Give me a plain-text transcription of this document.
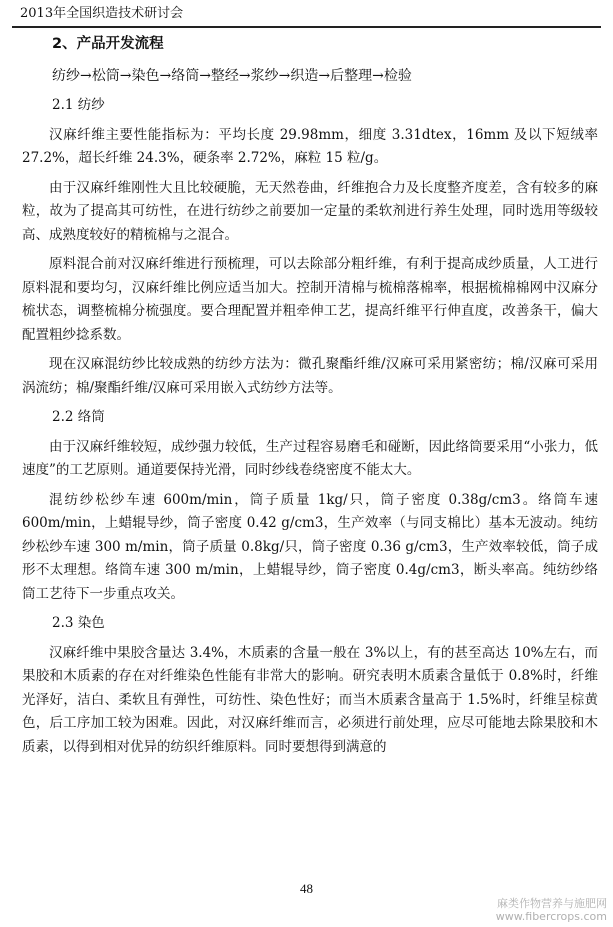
2013年全国织造技术研讨会
2、产品开发流程
纺纱→松筒→染色→络筒→整经→浆纱→织造→后整理→检验
2.1 纺纱

汉麻纤维主要性能指标为：平均长度 29.98mm，细度 3.31dtex，16mm 及以下短绒率 27.2%，超长纤维 24.3%，硬条率 2.72%，麻粒 15 粒/g。

由于汉麻纤维刚性大且比较硬脆，无天然卷曲，纤维抱合力及长度整齐度差，含有较多的麻粒，故为了提高其可纺性，在进行纺纱之前要加一定量的柔软剂进行养生处理，同时选用等级较高、成熟度较好的精梳棉与之混合。

原料混合前对汉麻纤维进行预梳理，可以去除部分粗纤维，有利于提高成纱质量，人工进行原料混和要均匀，汉麻纤维比例应适当加大。控制开清棉与梳棉落棉率，根据梳棉棉网中汉麻分梳状态，调整梳棉分梳强度。要合理配置并粗牵伸工艺，提高纤维平行伸直度，改善条干，偏大配置粗纱捻系数。

现在汉麻混纺纱比较成熟的纺纱方法为：微孔聚酯纤维/汉麻可采用紧密纺；棉/汉麻可采用涡流纺；棉/聚酯纤维/汉麻可采用嵌入式纺纱方法等。

2.2 络筒

由于汉麻纤维较短，成纱强力较低，生产过程容易磨毛和碰断，因此络筒要采用“小张力，低速度”的工艺原则。通道要保持光滑，同时纱线卷绕密度不能太大。

混纺纱松纱车速 600m/min，筒子质量 1kg/只，筒子密度 0.38g/cm3。络筒车速 600m/min，上蜡辊导纱，筒子密度 0.42 g/cm3，生产效率（与同支棉比）基本无波动。纯纺纱松纱车速 300 m/min，筒子质量 0.8kg/只，筒子密度 0.36 g/cm3，生产效率较低，筒子成形不太理想。络筒车速 300 m/min，上蜡辊导纱，筒子密度 0.4g/cm3，断头率高。纯纺纱络筒工艺待下一步重点攻关。

2.3 染色

汉麻纤维中果胶含量达 3.4%，木质素的含量一般在 3%以上，有的甚至高达 10%左右，而果胶和木质素的存在对纤维染色性能有非常大的影响。研究表明木质素含量低于 0.8%时，纤维光泽好，洁白、柔软且有弹性，可纺性、染色性好；而当木质素含量高于 1.5%时，纤维呈棕黄色，后工序加工较为困难。因此，对汉麻纤维而言，必须进行前处理，应尽可能地去除果胶和木质素，以得到相对优异的纺织纤维原料。同时要想得到满意的

48
麻类作物营养与施肥网
www.fibercrops.com
